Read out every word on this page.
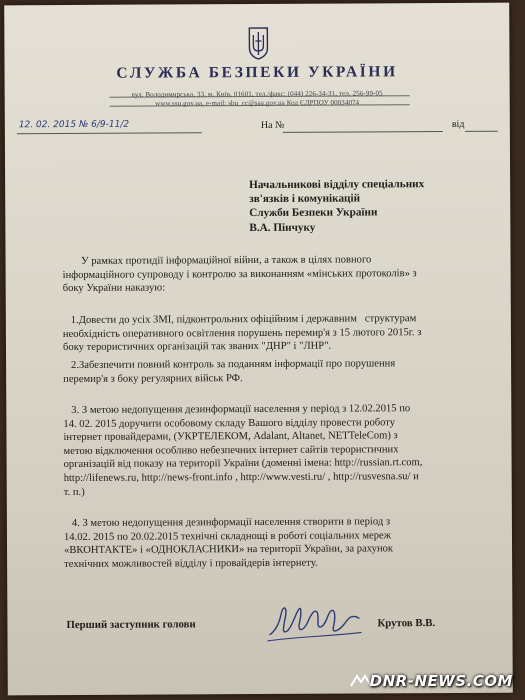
СЛУЖБА БЕЗПЕКИ УКРАЇНИ
вул. Володимирська, 33, м. Київ, 01601, тел./факс: (044) 226-34-31, тел. 256-99-05
www.ssu.gov.ua, e-mail: sbu_cc@ssu.gov.ua Код ЄДРПОУ 00034074
12. 02. 2015 № 6/9-11/2	На №	від
Начальникові відділу спеціальних
зв'язків і комунікацій
Служби Безпеки України
В.А. Пінчуку
У рамках протидії інформаційної війни, а також в цілях повного
інформаційного супроводу і контролю за виконанням «мінських протоколів» з
боку України наказую:
1.Довести до усіх ЗМІ, підконтрольних офіційним і державним   структурам
необхідність оперативного освітлення порушень перемир'я з 15 лютого 2015г. з
боку терористичних організацій так званих "ДНР" і "ЛНР".
2.Забезпечити повний контроль за поданням інформації про порушення
перемир'я з боку регулярних військ РФ.
3. З метою недопущення дезинформації населення у період з 12.02.2015 по
14. 02. 2015 доручити особовому складу Вашого відділу провести роботу
інтернет провайдерами, (УКРТЕЛЕКОМ, Adalant, Altanet, NETTeleCom) з
метою відключення особливо небезпечних інтернет сайтів терористичних
організацій від показу на території України (доменні імена: http://russian.rt.com,
http://lifenews.ru, http://news-front.info , http://www.vesti.ru/ , http://rusvesna.su/ и
т. п.)
4. З метою недопущення дезинформації населення створити в період з
14.02. 2015 по 20.02.2015 технічні складнощі в роботі соціальних мереж
«ВКОНТАКТЕ» і «ОДНОКЛАСНИКИ» на території України, за рахунок
технічних можливостей відділу і провайдерів інтернету.
Перший заступник голови	Крутов В.В.
DNR-NEWS.COM
